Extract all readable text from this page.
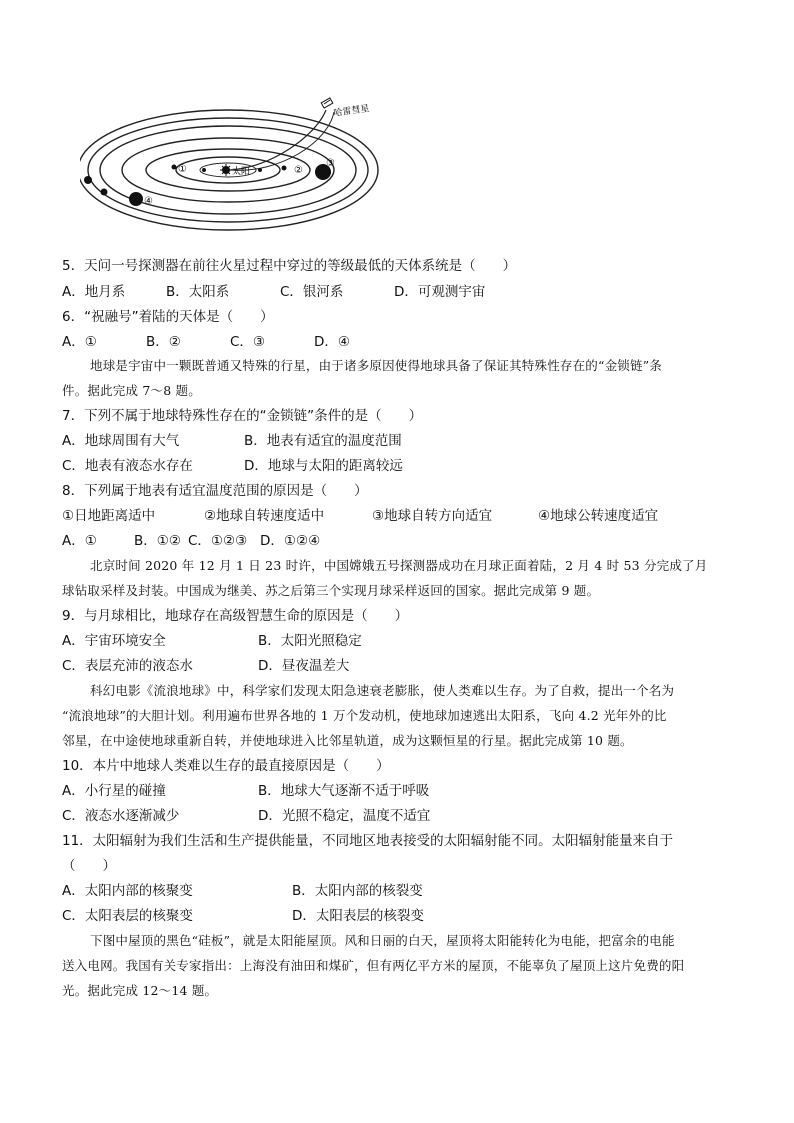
太阳
①	②
③
④
哈雷彗星
5．天问一号探测器在前往火星过程中穿过的等级最低的天体系统是（　　）
A．地月系	B．太阳系	C．银河系	D．可观测宇宙
6．“祝融号”着陆的天体是（　　）
A．①	B．②	C．③	D．④
地球是宇宙中一颗既普通又特殊的行星，由于诸多原因使得地球具备了保证其特殊性存在的“金锁链”条
件。据此完成 7～8 题。
7．下列不属于地球特殊性存在的“金锁链”条件的是（　　）
A．地球周围有大气	B．地表有适宜的温度范围
C．地表有液态水存在	D．地球与太阳的距离较远
8．下列属于地表有适宜温度范围的原因是（　　）
①日地距离适中	②地球自转速度适中	③地球自转方向适宜	④地球公转速度适宜
A．①	B．①② C．①②③ D．①②④
北京时间 2020 年 12 月 1 日 23 时许，中国嫦娥五号探测器成功在月球正面着陆，2 月 4 时 53 分完成了月
球钻取采样及封装。中国成为继美、苏之后第三个实现月球采样返回的国家。据此完成第 9 题。
9．与月球相比，地球存在高级智慧生命的原因是（　　）
A．宇宙环境安全	B．太阳光照稳定
C．表层充沛的液态水	D．昼夜温差大
科幻电影《流浪地球》中，科学家们发现太阳急速衰老膨胀，使人类难以生存。为了自救，提出一个名为
“流浪地球”的大胆计划。利用遍布世界各地的 1 万个发动机，使地球加速逃出太阳系，飞向 4.2 光年外的比
邻星，在中途使地球重新自转，并使地球进入比邻星轨道，成为这颗恒星的行星。据此完成第 10 题。
10．本片中地球人类难以生存的最直接原因是（　　）
A．小行星的碰撞	B．地球大气逐渐不适于呼吸
C．液态水逐渐减少	D．光照不稳定，温度不适宜
11．太阳辐射为我们生活和生产提供能量，不同地区地表接受的太阳辐射能不同。太阳辐射能量来自于
（　　）
A．太阳内部的核聚变	B．太阳内部的核裂变
C．太阳表层的核聚变	D．太阳表层的核裂变
下图中屋顶的黑色“硅板”，就是太阳能屋顶。风和日丽的白天，屋顶将太阳能转化为电能，把富余的电能
送入电网。我国有关专家指出：上海没有油田和煤矿，但有两亿平方米的屋顶，不能辜负了屋顶上这片免费的阳
光。据此完成 12～14 题。
